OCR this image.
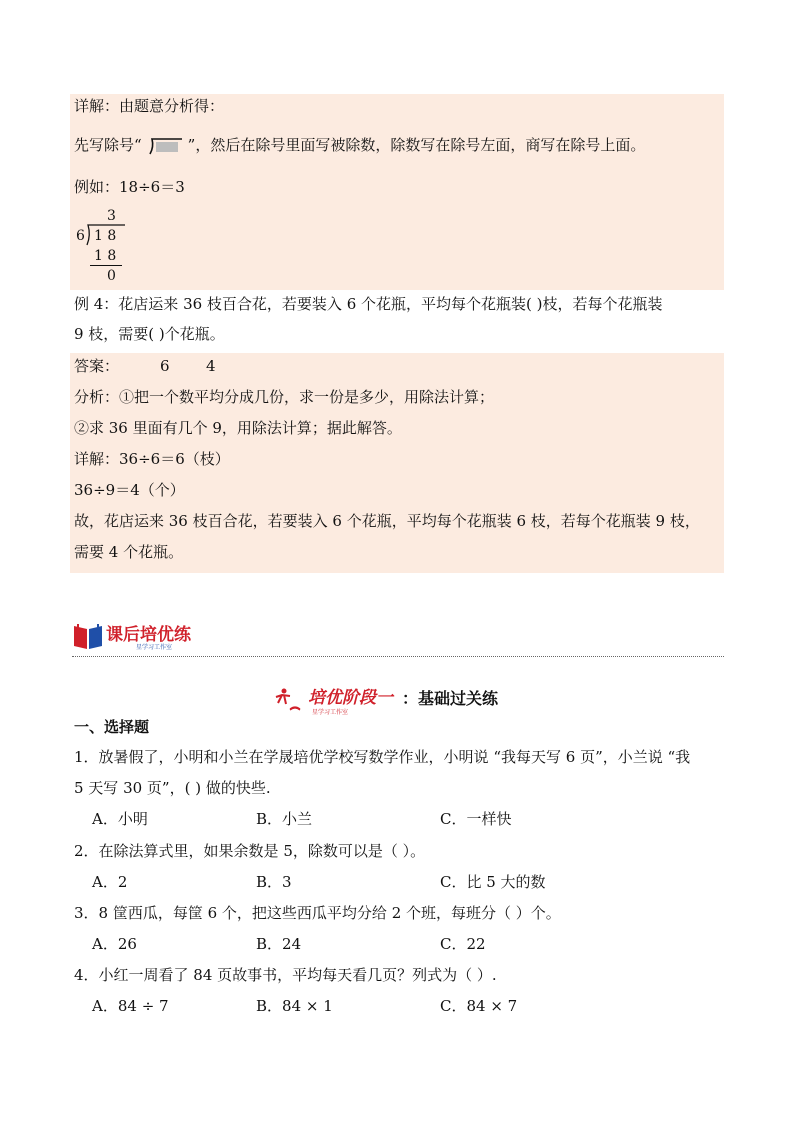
详解：由题意分析得：
先写除号“	”，然后在除号里面写被除数，除数写在除号左面，商写在除号上面。
例如：18÷6＝3
3
6 1 8
1 8
0
例 4：花店运来 36 枝百合花，若要装入 6 个花瓶，平均每个花瓶装( )枝，若每个花瓶装
9 枝，需要( )个花瓶。
答案：	6 4
分析：①把一个数平均分成几份，求一份是多少，用除法计算；
②求 36 里面有几个 9，用除法计算；据此解答。
详解：36÷6＝6（枝）
36÷9＝4（个）
故，花店运来 36 枝百合花，若要装入 6 个花瓶，平均每个花瓶装 6 枝，若每个花瓶装 9 枝，
需要 4 个花瓶。
课后培优练
星学习工作室
培优阶段一
星学习工作室
：基础过关练
一、选择题
1．放暑假了，小明和小兰在学晟培优学校写数学作业，小明说 “我每天写 6 页”，小兰说 “我
5 天写 30 页”，( ) 做的快些.
A．小明	B．小兰	C．一样快
2．在除法算式里，如果余数是 5，除数可以是（ ）。
A．2	B．3	C．比 5 大的数
3．8 筐西瓜，每筐 6 个，把这些西瓜平均分给 2 个班，每班分（ ）个。
A．26	B．24	C．22
4．小红一周看了 84 页故事书，平均每天看几页？列式为（ ）.
A．84 ÷ 7	B．84 × 1	C．84 × 7
